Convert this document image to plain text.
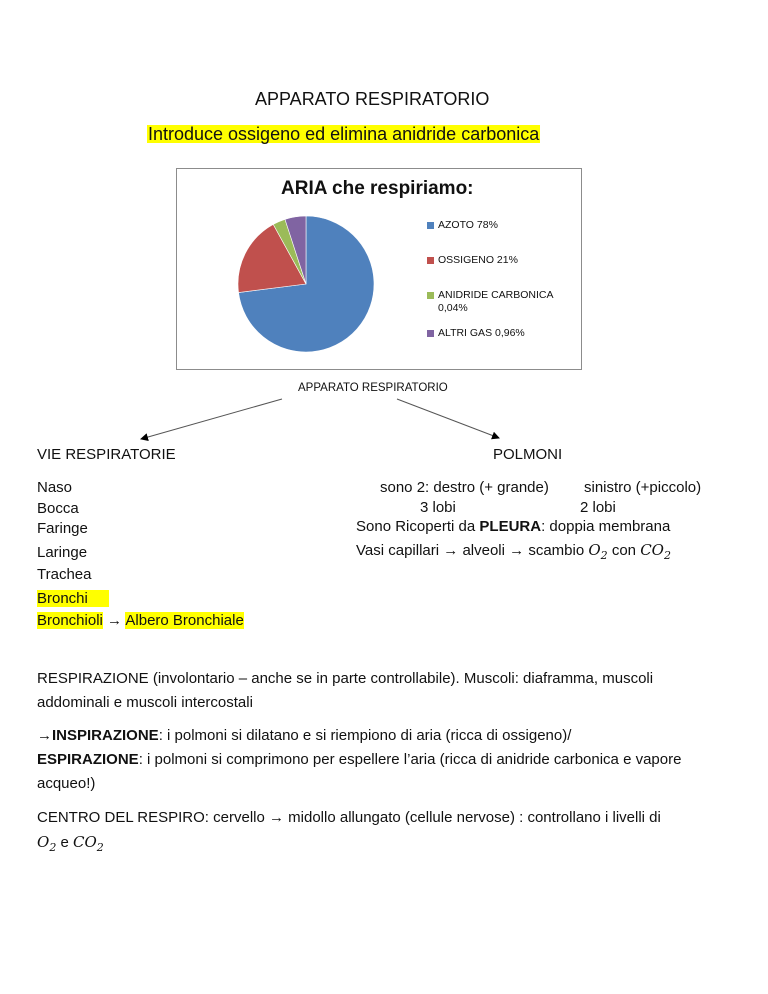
APPARATO RESPIRATORIO
Introduce ossigeno ed elimina anidride carbonica
ARIA che respiriamo:
AZOTO 78%
OSSIGENO 21%
ANIDRIDE CARBONICA 0,04%
ALTRI GAS 0,96%
APPARATO RESPIRATORIO
VIE RESPIRATORIE	POLMONI
Naso
Bocca
Faringe
Laringe
Trachea
Bronchi
Bronchioli → Albero Bronchiale
sono 2: destro (+ grande) sinistro (+piccolo)
3 lobi	2 lobi
Sono Ricoperti da PLEURA: doppia membrana
Vasi capillari → alveoli → scambio $O_2$ con $CO_2$
RESPIRAZIONE (involontario – anche se in parte controllabile). Muscoli: diaframma, muscoli addominali e muscoli intercostali
→INSPIRAZIONE: i polmoni si dilatano e si riempiono di aria (ricca di ossigeno)/
ESPIRAZIONE: i polmoni si comprimono per espellere l’aria (ricca di anidride carbonica e vapore acqueo!)
CENTRO DEL RESPIRO: cervello → midollo allungato (cellule nervose) : controllano i livelli di
$O_2$ e $CO_2$
